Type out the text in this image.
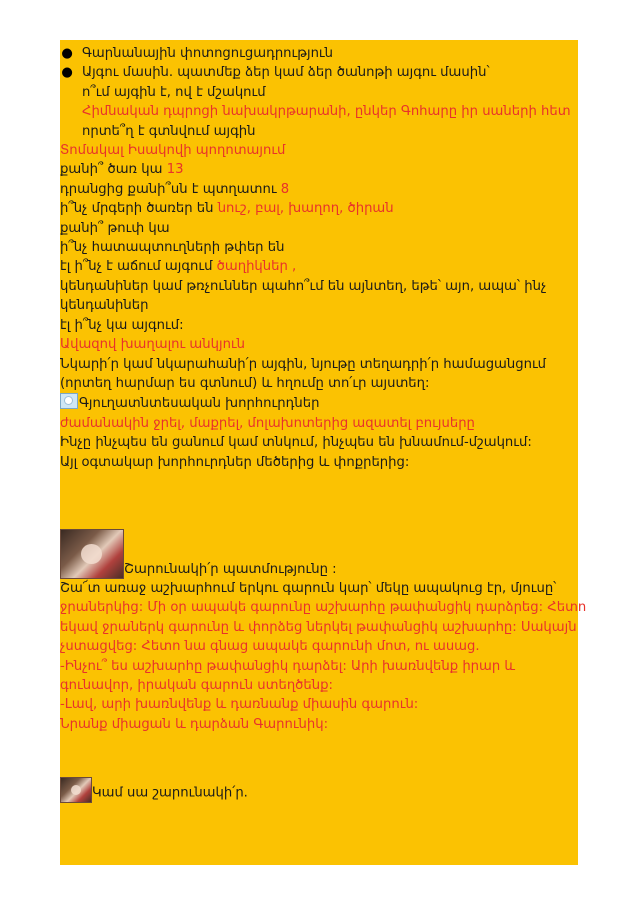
● Գարնանային փոտոցուցադրություն
● Այգու մասին. պատմեք ձեր կամ ձեր ծանոթի այգու մասին՝
ո՞ւմ այգին է, ով է մշակում
Հիմնական դպրոցի նախակրթարանի, ընկեր Գոհարը իր սաների հետ
որտե՞ղ է գտնվում այգին
Տոմակալ Իսակովի պողոտայում
քանի՞ ծառ կա 13
դրանցից քանի՞սն է պտղատու 8
ի՞նչ մրգերի ծառեր են նուշ, բալ, խաղող, ծիրան
քանի՞ թուփ կա
ի՞նչ հատապտուղների թփեր են
էլ ի՞նչ է աճում այգում ծաղիկներ ,
կենդանիներ կամ թռչուններ պահո՞ւմ են այնտեղ, եթե՝ այո, ապա՝ ինչ
կենդանիներ
էլ ի՞նչ կա այգում:
Ավազով խաղալու անկյուն
Նկարի՛ր կամ նկարահանի՛ր այգին, նյութը տեղադրի՛ր համացանցում
(որտեղ հարմար ես գտնում) և հղումը տո՛ւր այստեղ:
Գյուղատնտեսական խորհուրդներ
ժամանակին ջրել, մաքրել, մոլախոտերից ազատել բույսերը
Ինչը ինչպես են ցանում կամ տնկում, ինչպես են խնամում-մշակում:
Այլ օգտակար խորհուրդներ մեծերից և փոքրերից:
Շարունակի՛ր պատմությունը :
Շա՜տ առաջ աշխարհում երկու գարուն կար՝ մեկը ապակուց էր, մյուսը՝
ջրաներկից: Մի օր ապակե գարունը աշխարհը թափանցիկ դարձրեց: Հետո
եկավ ջրաներկ գարունը և փորձեց ներկել թափանցիկ աշխարհը: Սակայն
չստացվեց: Հետո նա գնաց ապակե գարունի մոտ, ու ասաց.
-Ինչու՞ ես աշխարհը թափանցիկ դարձել: Արի խառնվենք իրար և
գունավոր, իրական գարուն ստեղծենք:
-Լավ, արի խառնվենք և դառնանք միասին գարուն:
Նրանք միացան և դարձան Գարունիկ:
Կամ սա շարունակի՛ր.
